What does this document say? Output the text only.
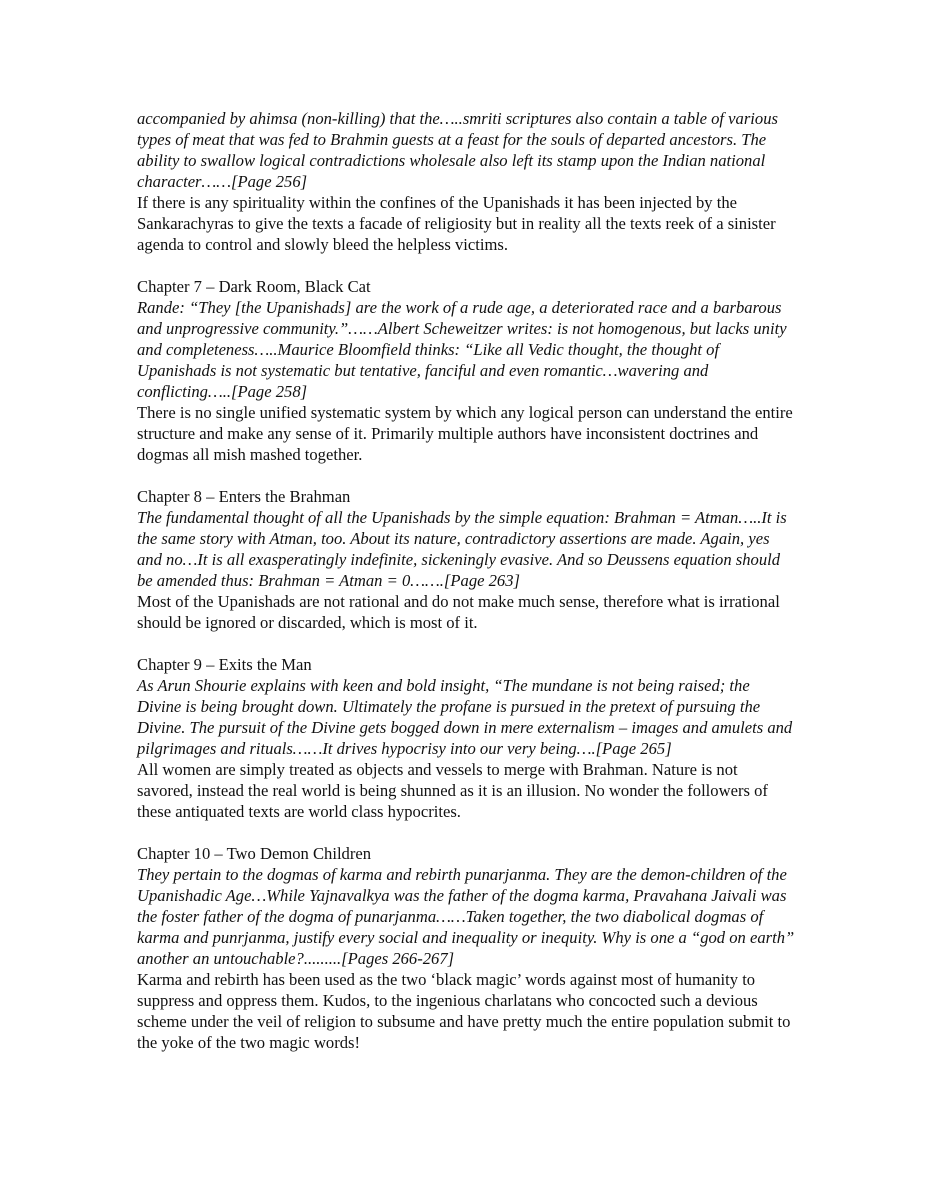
accompanied by ahimsa (non-killing) that the…..smriti scriptures also contain a table of various types of meat that was fed to Brahmin guests at a feast for the souls of departed ancestors. The ability to swallow logical contradictions wholesale also left its stamp upon the Indian national character……[Page 256]
If there is any spirituality within the confines of the Upanishads it has been injected by the Sankarachyras to give the texts a facade of religiosity but in reality all the texts reek of a sinister agenda to control and slowly bleed the helpless victims.
Chapter 7 – Dark Room, Black Cat
Rande: “They [the Upanishads] are the work of a rude age, a deteriorated race and a barbarous and unprogressive community.”……Albert Scheweitzer writes: is not homogenous, but lacks unity and completeness…..Maurice Bloomfield thinks: “Like all Vedic thought, the thought of Upanishads is not systematic but tentative, fanciful and even romantic…wavering and conflicting…..[Page 258]
There is no single unified systematic system by which any logical person can understand the entire structure and make any sense of it. Primarily multiple authors have inconsistent doctrines and dogmas all mish mashed together.
Chapter 8 – Enters the Brahman
The fundamental thought of all the Upanishads by the simple equation: Brahman = Atman…..It is the same story with Atman, too. About its nature, contradictory assertions are made. Again, yes and no…It is all exasperatingly indefinite, sickeningly evasive. And so Deussens equation should be amended thus: Brahman = Atman = 0…….[Page 263]
Most of the Upanishads are not rational and do not make much sense, therefore what is irrational should be ignored or discarded, which is most of it.
Chapter 9 – Exits the Man
As Arun Shourie explains with keen and bold insight, “The mundane is not being raised; the Divine is being brought down. Ultimately the profane is pursued in the pretext of pursuing the Divine. The pursuit of the Divine gets bogged down in mere externalism – images and amulets and pilgrimages and rituals……It drives hypocrisy into our very being….[Page 265]
All women are simply treated as objects and vessels to merge with Brahman. Nature is not savored, instead the real world is being shunned as it is an illusion. No wonder the followers of these antiquated texts are world class hypocrites.
Chapter 10 – Two Demon Children
They pertain to the dogmas of karma and rebirth punarjanma. They are the demon-children of the Upanishadic Age…While Yajnavalkya was the father of the dogma karma, Pravahana Jaivali was the foster father of the dogma of punarjanma……Taken together, the two diabolical dogmas of karma and punrjanma, justify every social and inequality or inequity. Why is one a “god on earth” another an untouchable?.........[Pages 266-267]
Karma and rebirth has been used as the two ‘black magic’ words against most of humanity to suppress and oppress them. Kudos, to the ingenious charlatans who concocted such a devious scheme under the veil of religion to subsume and have pretty much the entire population submit to the yoke of the two magic words!
